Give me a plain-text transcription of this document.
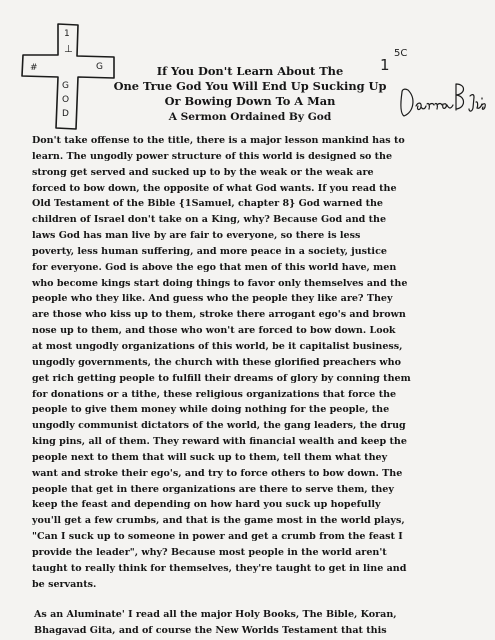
1
⊥
#	G
G
O
D
1
5C
If You Don't Learn About The
One True God You Will End Up Sucking Up
Or Bowing Down To A Man
A Sermon Ordained By God

Don't take offense to the title, there is a major lesson mankind has to
learn. The ungodly power structure of this world is designed so the
strong get served and sucked up to by the weak or the weak are
forced to bow down, the opposite of what God wants. If you read the
Old Testament of the Bible {1Samuel, chapter 8} God warned the
children of Israel don't take on a King, why? Because God and the
laws God has man live by are fair to everyone, so there is less
poverty, less human suffering, and more peace in a society, justice
for everyone. God is above the ego that men of this world have, men
who become kings start doing things to favor only themselves and the
people who they like. And guess who the people they like are? They
are those who kiss up to them, stroke there arrogant ego's and brown
nose up to them, and those who won't are forced to bow down. Look
at most ungodly organizations of this world, be it capitalist business,
ungodly governments, the church with these glorified preachers who
get rich getting people to fulfill their dreams of glory by conning them
for donations or a tithe, these religious organizations that force the
people to give them money while doing nothing for the people, the
ungodly communist dictators of the world, the gang leaders, the drug
king pins, all of them. They reward with financial wealth and keep the
people next to them that will suck up to them, tell them what they
want and stroke their ego's, and try to force others to bow down. The
people that get in there organizations are there to serve them, they
keep the feast and depending on how hard you suck up hopefully
you'll get a few crumbs, and that is the game most in the world plays,
"Can I suck up to someone in power and get a crumb from the feast I
provide the leader", why? Because most people in the world aren't
taught to really think for themselves, they're taught to get in line and
be servants.

As an Aluminate' I read all the major Holy Books, The Bible, Koran,
Bhagavad Gita, and of course the New Worlds Testament that this
